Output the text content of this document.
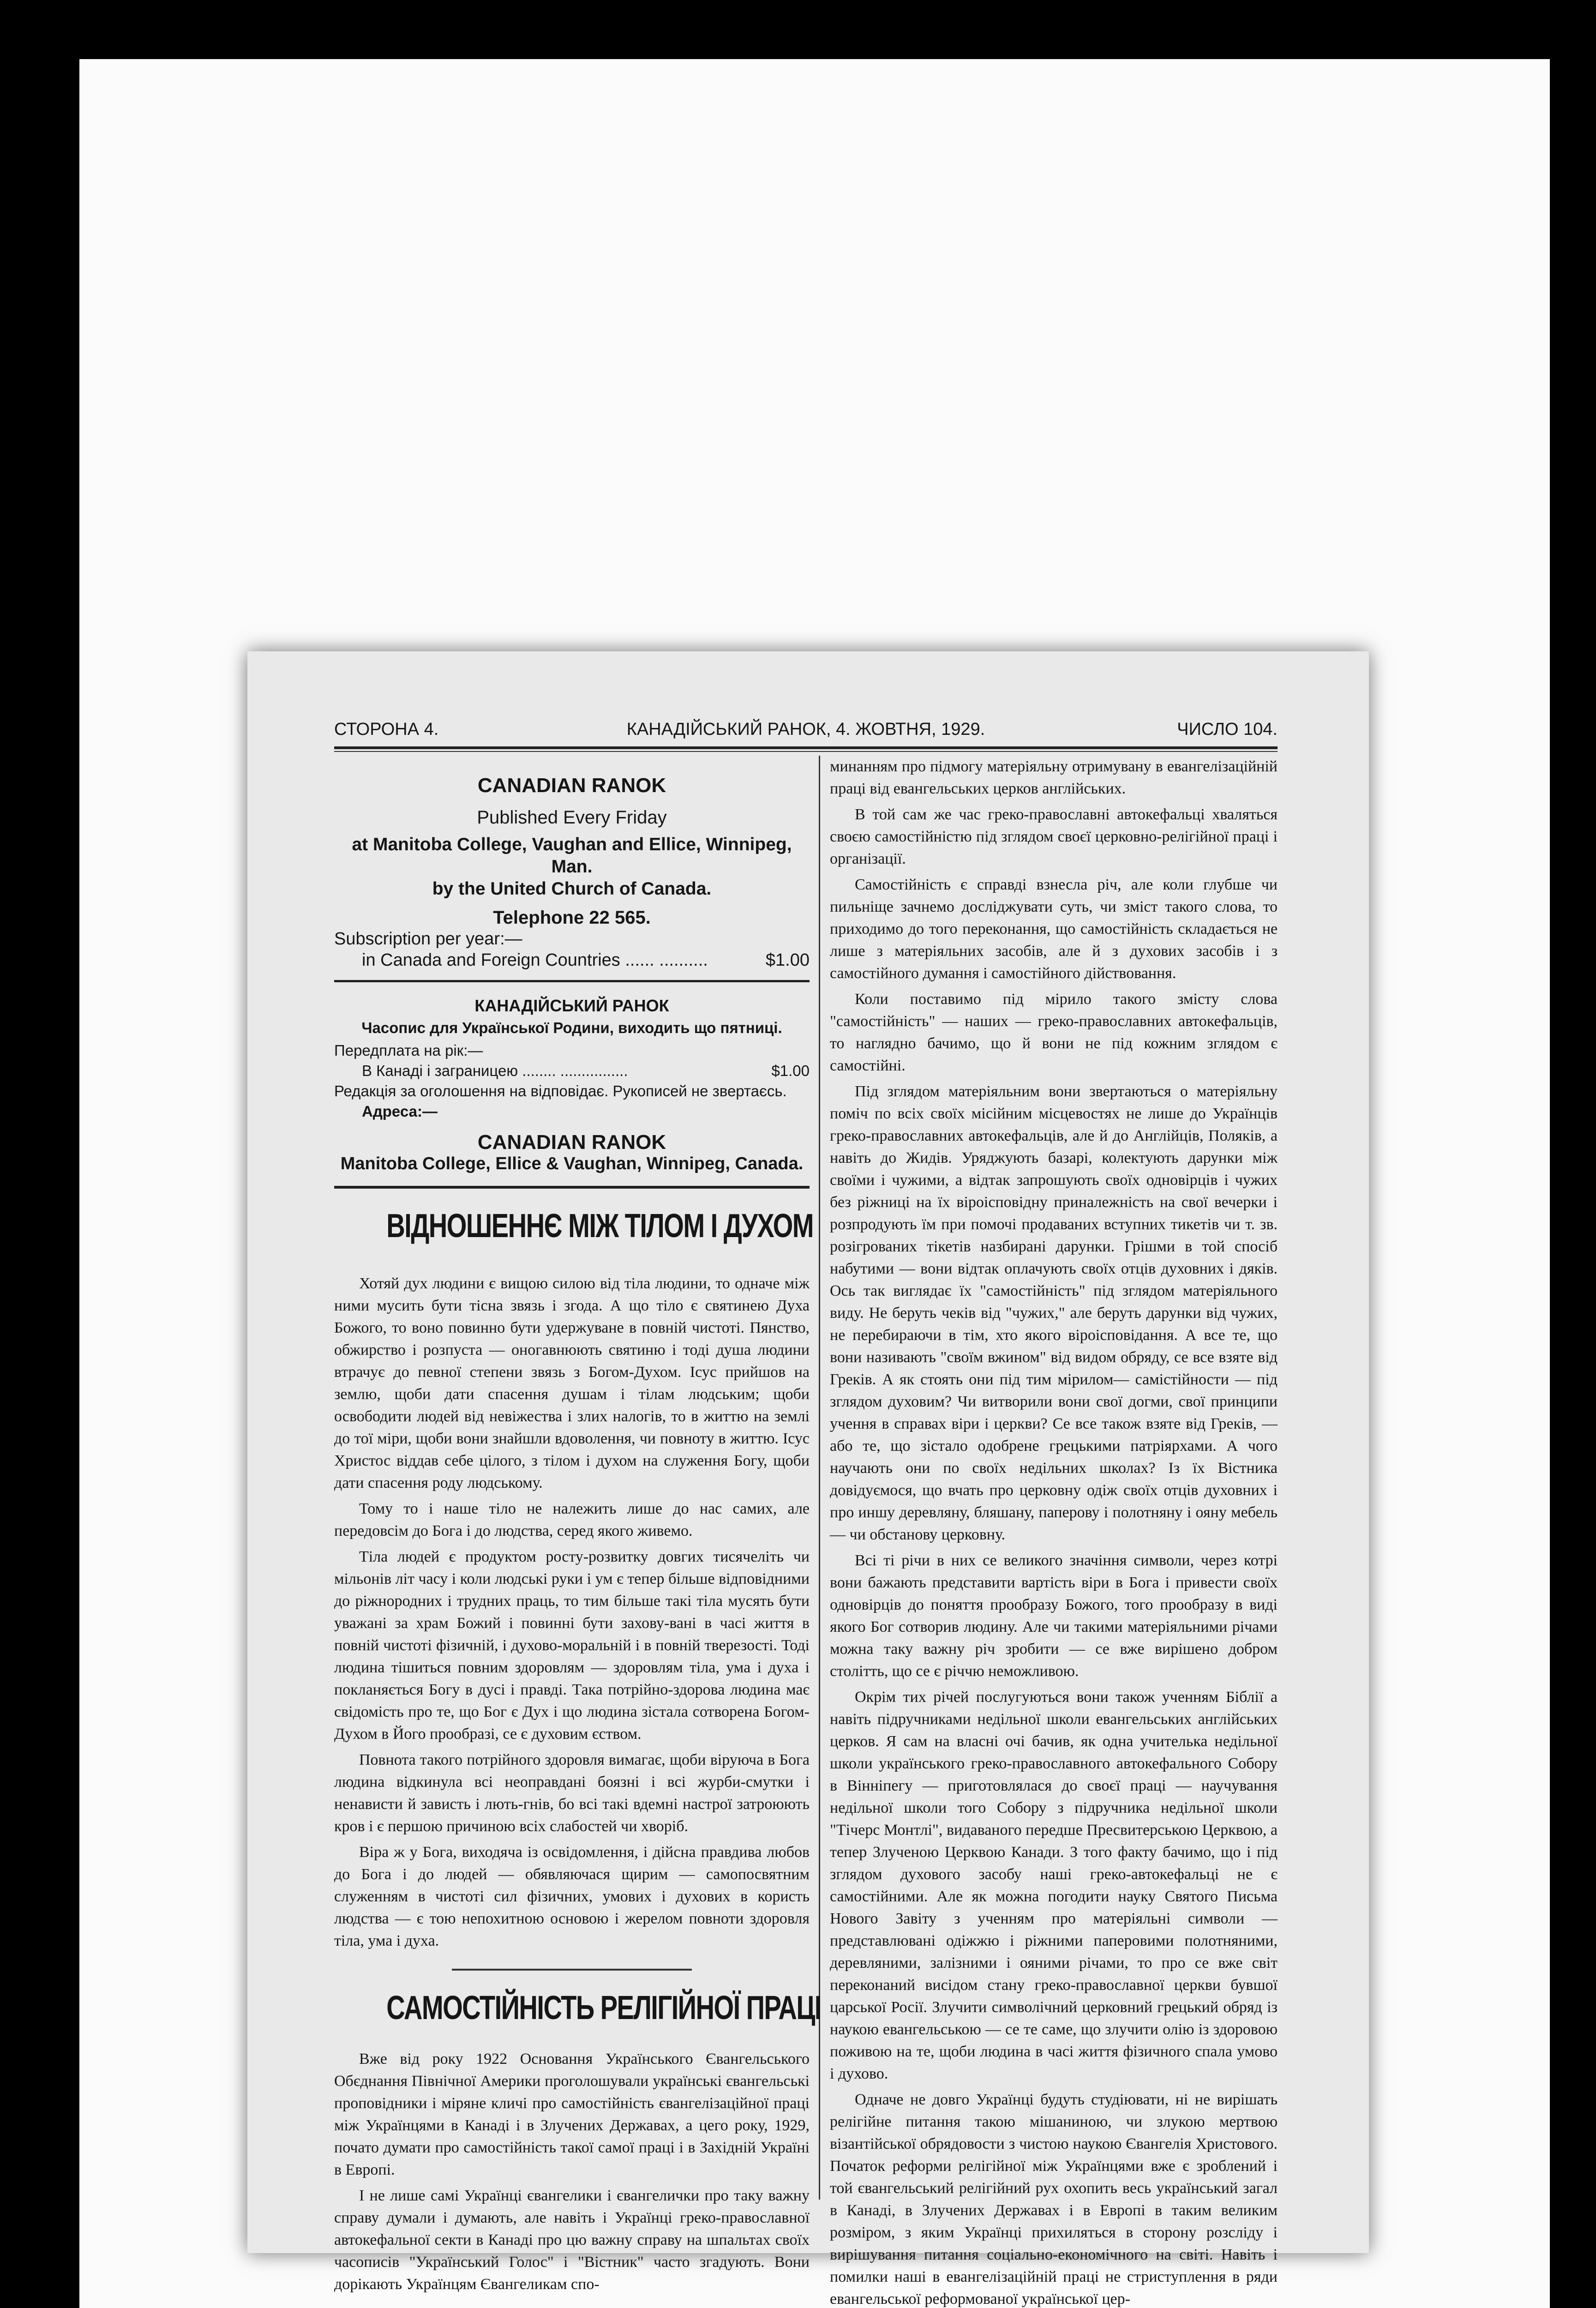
СТОРОНА 4.	КАНАДІЙСЬКИЙ РАНОК, 4. ЖОВТНЯ, 1929.	ЧИСЛО 104.

CANADIAN RANOK

Published Every Friday

at Manitoba College, Vaughan and Ellice, Winnipeg, Man.
by the United Church of Canada.

Telephone 22 565.

Subscription per year:—

in Canada and Foreign Countries ...... ..........	$1.00

КАНАДІЙСЬКИЙ РАНОК

Часопис для Української Родини, виходить що пятниці.

Передплата на рік:—

В Канаді і заграницею ........ ................	$1.00

Редакція за оголошення на відповідає. Рукописей не звертаєсь.

Адреса:—

CANADIAN RANOK

Manitoba College, Ellice & Vaughan, Winnipeg, Canada.

ВІДНОШЕННЄ МІЖ ТІЛОМ І ДУХОМ

Хотяй дух людини є вищою силою від тіла людини, то одначе між ними мусить бути тісна звязь і згода. А що тіло є святинею Духа Божого, то воно повинно бути удержуване в повній чистоті. Пянство, обжирство і розпуста — оногавнюють святиню і тоді душа людини втрачує до певної степени звязь з Богом-Духом. Ісус прийшов на землю, щоби дати спасення душам і тілам людським; щоби освободити людей від невіжества і злих налогів, то в життю на землі до тої міри, щоби вони знайшли вдоволення, чи повноту в життю. Ісус Христос віддав себе цілого, з тілом і духом на служення Богу, щоби дати спасення роду людському.

Тому то і наше тіло не належить лише до нас самих, але передовсім до Бога і до людства, серед якого живемо.

Тіла людей є продуктом росту-розвитку довгих тисячеліть чи мільонів літ часу і коли людські руки і ум є тепер більше відповідними до ріжнородних і трудних праць, то тим більше такі тіла мусять бути уважані за храм Божий і повинні бути захову-вані в часі життя в повній чистоті фізичній, і духово-моральній і в повній тверезості. Тоді людина тішиться повним здоровлям — здоровлям тіла, ума і духа і покланяється Богу в дусі і правді. Така потрійно-здорова людина має свідомість про те, що Бог є Дух і що людина зістала сотворена Богом-Духом в Його прообразі, се є духовим єством.

Повнота такого потрійного здоровля вимагає, щоби віруюча в Бога людина відкинула всі неоправдані боязні і всі журби-смутки і ненависти й зависть і лють-гнів, бо всі такі вдемні настрої затроюють кров і є першою причиною всіх слабостей чи хворіб.

Віра ж у Бога, виходяча із освідомлення, і дійсна правдива любов до Бога і до людей — обявляючася щирим — самопосвятним служенням в чистоті сил фізичних, умових і духових в користь людства — є тою непохитною основою і жерелом повноти здоровля тіла, ума і духа.

САМОСТІЙНІСТЬ РЕЛІГІЙНОЇ ПРАЦІ

Вже від року 1922 Основання Українського Євангельського Обєднання Північної Америки проголошували українські євангельські проповідники і міряне кличі про самостійність євангелізаційної праці між Українцями в Канаді і в Злучених Державах, а цего року, 1929, почато думати про самостійність такої самої праці і в Західній Україні в Европі.

І не лише самі Українці євангелики і євангелички про таку важну справу думали і думають, але навіть і Українці греко-православної автокефальної секти в Канаді про цю важну справу на шпальтах своїх часописів "Український Голос" і "Вістник" часто згадують. Вони дорікають Українцям Євангеликам спо-

минанням про підмогу матеріяльну отримувану в евангелізаційній праці від евангельських церков англійських.

В той сам же час греко-православні автокефальці хваляться своєю самостійністю під зглядом своєї церковно-релігійної праці і організації.

Самостійність є справді взнесла річ, але коли глубше чи пильніще зачнемо досліджувати суть, чи зміст такого слова, то приходимо до того переконання, що самостійність складається не лише з матеріяльних засобів, але й з духових засобів і з самостійного думання і самостійного дійствовання.

Коли поставимо під мірило такого змісту слова "самостійність" — наших — греко-православних автокефальців, то наглядно бачимо, що й вони не під кожним зглядом є самостійні.

Під зглядом матеріяльним вони звертаються о матеріяльну поміч по всіх своїх місійним місцевостях не лише до Українців греко-православних автокефальців, але й до Англійців, Поляків, а навіть до Жидів. Уряджують базарі, колектують дарунки між своїми і чужими, а відтак запрошують своїх одновірців і чужих без ріжниці на їх віроісповідну приналежність на свої вечерки і розпродують їм при помочі продаваних вступних тикетів чи т. зв. розігрованих тікетів назбирані дарунки. Грішми в той спосіб набутими — вони відтак оплачують своїх отців духовних і дяків. Ось так виглядає їх "самостійність" під зглядом матеріяльного виду. Не беруть чеків від "чужих," але беруть дарунки від чужих, не перебираючи в тім, хто якого віроісповідання. А все те, що вони називають "своїм вжином" від видом обряду, се все взяте від Греків. А як стоять они під тим мірилом— самістійности — під зглядом духовим? Чи витворили вони свої догми, свої принципи учення в справах віри і церкви? Се все також взяте від Греків, — або те, що зістало одобрене грецькими патріярхами. А чого научають они по своїх недільних школах? Із їх Вістника довідуємося, що вчать про церковну одіж своїх отців духовних і про иншу деревляну, бляшану, паперову і полотняну і ояну мебель — чи обстанову церковну.

Всі ті річи в них се великого значіння символи, через котрі вони бажають представити вартість віри в Бога і привести своїх одновірців до поняття прообразу Божого, того прообразу в виді якого Бог сотворив людину. Але чи такими матеріяльними річами можна таку важну річ зробити — се вже вирішено добром столітть, що се є річчю неможливою.

Окрім тих річей послугуються вони також ученням Біблії а навіть підручниками недільної школи евангельських англійських церков. Я сам на власні очі бачив, як одна учителька недільної школи українського греко-православного автокефального Собору в Вінніпегу — приготовлялася до своєї праці — научування недільної школи того Собору з підручника недільної школи "Тічерс Монтлі", видаваного передше Пресвитерською Церквою, а тепер Злученою Церквою Канади. З того факту бачимо, що і під зглядом духового засобу наші греко-автокефальці не є самостійними. Але як можна погодити науку Святого Письма Нового Завіту з ученням про матеріяльні символи — представлювані одіжжю і ріжними паперовими полотняними, деревляними, залізними і ояними річами, то про се вже світ переконаний висідом стану греко-православної церкви бувшої царської Росії. Злучити символічний церковний грецький обряд із наукою евангельською — се те саме, що злучити олію із здоровою поживою на те, щоби людина в часі життя фізичного спала умово і духово.

Одначе не довго Українці будуть студіювати, ні не вирішать релігійне питання такою мішаниною, чи злукою мертвою візантійської обрядовости з чистою наукою Євангелія Христового. Початок реформи релігійної між Українцями вже є зроблений і той євангельський релігійний рух охопить весь український загал в Канаді, в Злучених Державах і в Европі в таким великим розміром, з яким Українці прихиляться в сторону розсліду і вирішування питання соціально-економічного на світі. Навіть і помилки наші в евангелізаційній праці не стриступлення в ряди евангельської реформованої української цер-
